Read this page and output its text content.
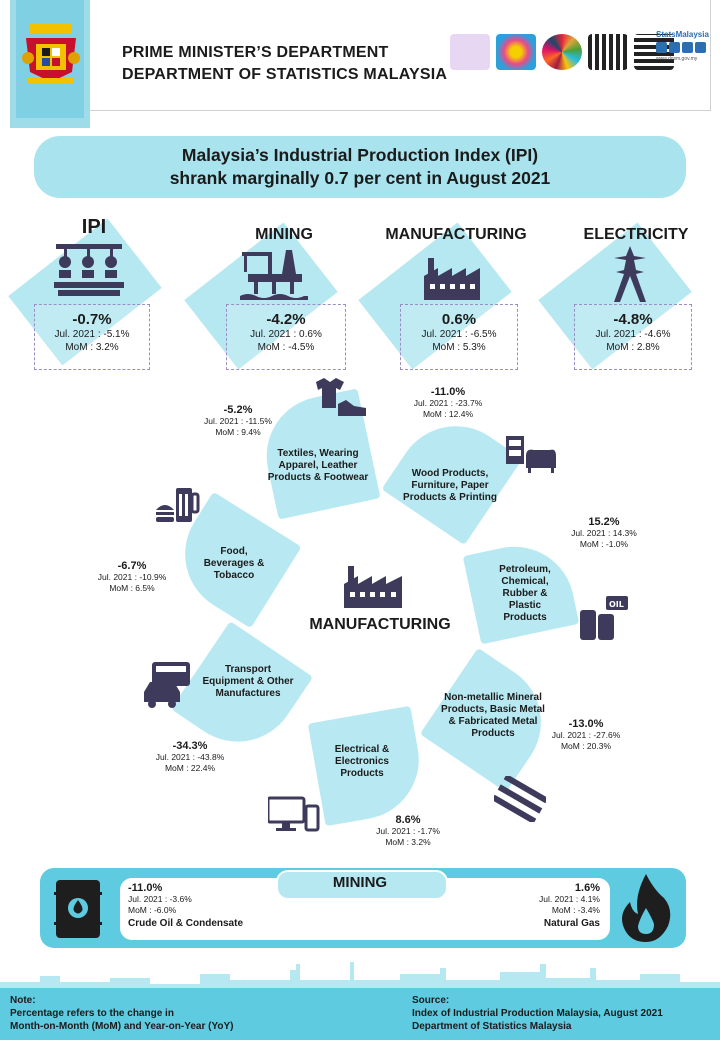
PRIME MINISTER’S DEPARTMENT
DEPARTMENT OF STATISTICS MALAYSIA
StatsMalaysia
www.dosm.gov.my
Malaysia’s Industrial Production Index (IPI)
shrank marginally 0.7 per cent in August 2021
IPI
-0.7%
Jul. 2021 : -5.1%
MoM : 3.2%
MINING
-4.2%
Jul. 2021 : 0.6%
MoM : -4.5%
MANUFACTURING
0.6%
Jul. 2021 : -6.5%
MoM : 5.3%
ELECTRICITY
-4.8%
Jul. 2021 : -4.6%
MoM : 2.8%
Textiles, Wearing Apparel, Leather Products & Footwear	Wood Products, Furniture, Paper Products & Printing
Petroleum, Chemical, Rubber & Plastic Products
Non-metallic Mineral Products, Basic Metal & Fabricated Metal Products
Electrical & Electronics Products
Transport Equipment & Other Manufactures
Food, Beverages & Tobacco
MANUFACTURING
OIL
-5.2%
Jul. 2021 : -11.5%
MoM : 9.4%
-11.0%
Jul. 2021 : -23.7%
MoM : 12.4%
15.2%
Jul. 2021 : 14.3%
MoM : -1.0%
-13.0%
Jul. 2021 : -27.6%
MoM : 20.3%
8.6%
Jul. 2021 : -1.7%
MoM : 3.2%
-34.3%
Jul. 2021 : -43.8%
MoM : 22.4%
-6.7%
Jul. 2021 : -10.9%
MoM : 6.5%
MINING
-11.0%
Jul. 2021 : -3.6%
MoM : -6.0%
Crude Oil & Condensate
1.6%
Jul. 2021 : 4.1%
MoM : -3.4%
Natural Gas
Note:
Percentage refers to the change in
Month-on-Month (MoM) and Year-on-Year (YoY)
Source:
Index of Industrial Production Malaysia, August 2021
Department of Statistics Malaysia
